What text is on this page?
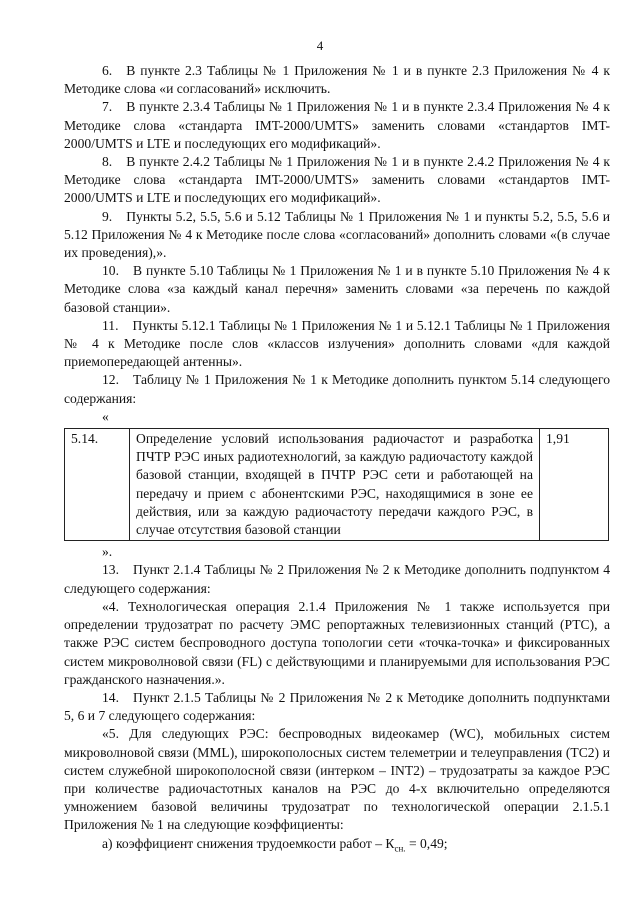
4

6. В пункте 2.3 Таблицы № 1 Приложения № 1 и в пункте 2.3 Приложения № 4 к Методике слова «и согласований» исключить.

7. В пункте 2.3.4 Таблицы № 1 Приложения № 1 и в пункте 2.3.4 Приложения № 4 к Методике слова «стандарта IMT-2000/UMTS» заменить словами «стандартов IMT-2000/UMTS и LTE и последующих его модификаций».

8. В пункте 2.4.2 Таблицы № 1 Приложения № 1 и в пункте 2.4.2 Приложения № 4 к Методике слова «стандарта IMT-2000/UMTS» заменить словами «стандартов IMT-2000/UMTS и LTE и последующих его модификаций».

9. Пункты 5.2, 5.5, 5.6 и 5.12 Таблицы № 1 Приложения № 1 и пункты 5.2, 5.5, 5.6 и 5.12 Приложения № 4 к Методике после слова «согласований» дополнить словами «(в случае их проведения),».

10. В пункте 5.10 Таблицы № 1 Приложения № 1 и в пункте 5.10 Приложения № 4 к Методике слова «за каждый канал перечня» заменить словами «за перечень по каждой базовой станции».

11. Пункты 5.12.1 Таблицы № 1 Приложения № 1 и 5.12.1 Таблицы № 1 Приложения № 4 к Методике после слов «классов излучения» дополнить словами «для каждой приемопередающей антенны».

12. Таблицу № 1 Приложения № 1 к Методике дополнить пунктом 5.14 следующего содержания:

«

5.14.	Определение условий использования радиочастот и разработка ПЧТР РЭС иных радиотехнологий, за каждую радиочастоту каждой базовой станции, входящей в ПЧТР РЭС сети и работающей на передачу и прием с абонентскими РЭС, находящимися в зоне ее действия, или за каждую радиочастоту передачи каждого РЭС, в случае отсутствия базовой станции	1,91

».

13. Пункт 2.1.4 Таблицы № 2 Приложения № 2 к Методике дополнить подпунктом 4 следующего содержания:

«4. Технологическая операция 2.1.4 Приложения № 1 также используется при определении трудозатрат по расчету ЭМС репортажных телевизионных станций (РТС), а также РЭС систем беспроводного доступа топологии сети «точка-точка» и фиксированных систем микроволновой связи (FL) с действующими и планируемыми для использования РЭС гражданского назначения.».

14. Пункт 2.1.5 Таблицы № 2 Приложения № 2 к Методике дополнить подпунктами 5, 6 и 7 следующего содержания:

«5. Для следующих РЭС: беспроводных видеокамер (WC), мобильных систем микроволновой связи (MML), широкополосных систем телеметрии и телеуправления (TC2) и систем служебной широкополосной связи (интерком – INT2) – трудозатраты за каждое РЭС при количестве радиочастотных каналов на РЭС до 4-х включительно определяются умножением базовой величины трудозатрат по технологической операции 2.1.5.1 Приложения № 1 на следующие коэффициенты:

а) коэффициент снижения трудоемкости работ – $К_{сн.} = 0,49$;
